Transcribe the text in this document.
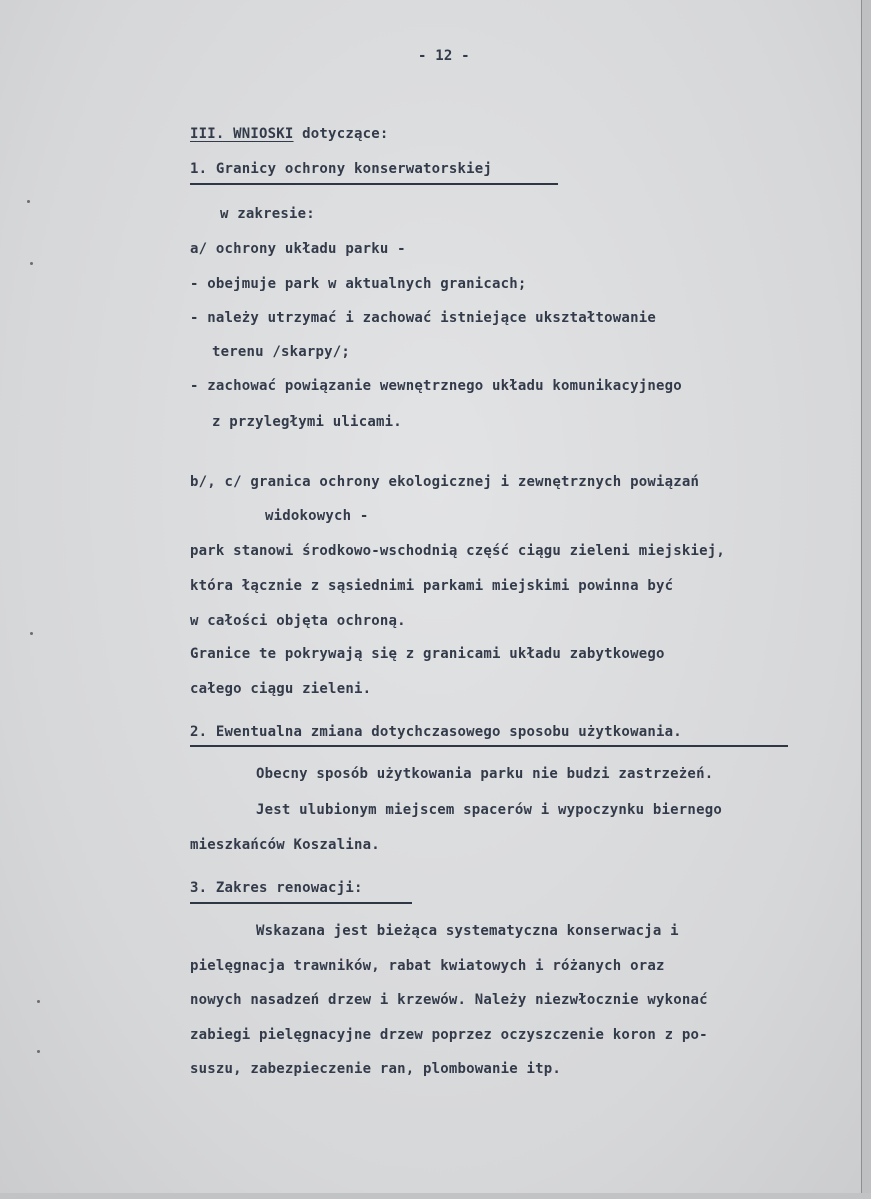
- 12 -
III. WNIOSKI dotyczące:
1. Granicy ochrony konserwatorskiej
w zakresie:
a/ ochrony układu parku -
- obejmuje park w aktualnych granicach;
- należy utrzymać i zachować istniejące ukształtowanie
terenu /skarpy/;
- zachować powiązanie wewnętrznego układu komunikacyjnego
z przyległymi ulicami.
b/, c/ granica ochrony ekologicznej i zewnętrznych powiązań
widokowych -
park stanowi środkowo-wschodnią część ciągu zieleni miejskiej,
która łącznie z sąsiednimi parkami miejskimi powinna być
w całości objęta ochroną.
Granice te pokrywają się z granicami układu zabytkowego
całego ciągu zieleni.
2. Ewentualna zmiana dotychczasowego sposobu użytkowania.
Obecny sposób użytkowania parku nie budzi zastrzeżeń.
Jest ulubionym miejscem spacerów i wypoczynku biernego
mieszkańców Koszalina.
3. Zakres renowacji:
Wskazana jest bieżąca systematyczna konserwacja i
pielęgnacja trawników, rabat kwiatowych i różanych oraz
nowych nasadzeń drzew i krzewów. Należy niezwłocznie wykonać
zabiegi pielęgnacyjne drzew poprzez oczyszczenie koron z po-
suszu, zabezpieczenie ran, plombowanie itp.
